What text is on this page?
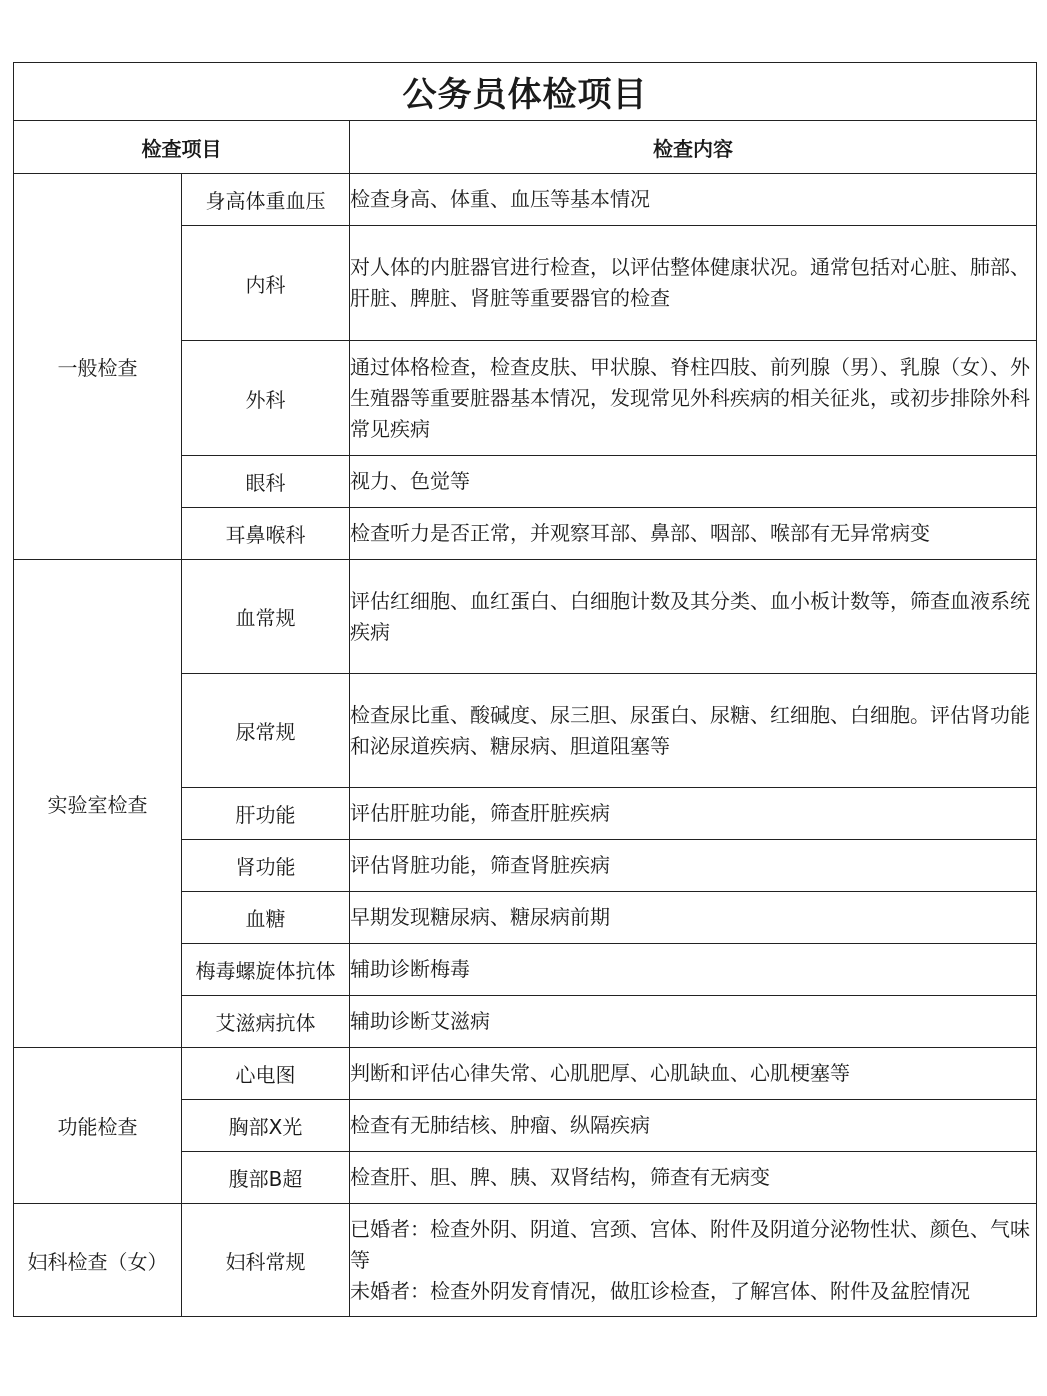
公务员体检项目		
检查项目		检查内容
一般检查	身高体重血压	检查身高、体重、血压等基本情况
	内科	对人体的内脏器官进行检查，以评估整体健康状况。通常包括对心脏、肺部、肝脏、脾脏、肾脏等重要器官的检查
	外科	通过体格检查，检查皮肤、甲状腺、脊柱四肢、前列腺（男）、乳腺（女）、外生殖器等重要脏器基本情况，发现常见外科疾病的相关征兆，或初步排除外科常见疾病
	眼科	视力、色觉等
	耳鼻喉科	检查听力是否正常，并观察耳部、鼻部、咽部、喉部有无异常病变
实验室检查	血常规	评估红细胞、血红蛋白、白细胞计数及其分类、血小板计数等，筛查血液系统疾病
	尿常规	检查尿比重、酸碱度、尿三胆、尿蛋白、尿糖、红细胞、白细胞。评估肾功能和泌尿道疾病、糖尿病、胆道阻塞等
	肝功能	评估肝脏功能，筛查肝脏疾病
	肾功能	评估肾脏功能，筛查肾脏疾病
	血糖	早期发现糖尿病、糖尿病前期
	梅毒螺旋体抗体	辅助诊断梅毒
	艾滋病抗体	辅助诊断艾滋病
功能检查	心电图	判断和评估心律失常、心肌肥厚、心肌缺血、心肌梗塞等
	胸部X光	检查有无肺结核、肿瘤、纵隔疾病
	腹部B超	检查肝、胆、脾、胰、双肾结构，筛查有无病变
妇科检查（女）	妇科常规	已婚者：检查外阴、阴道、宫颈、宫体、附件及阴道分泌物性状、颜色、气味等
未婚者：检查外阴发育情况，做肛诊检查，了解宫体、附件及盆腔情况
